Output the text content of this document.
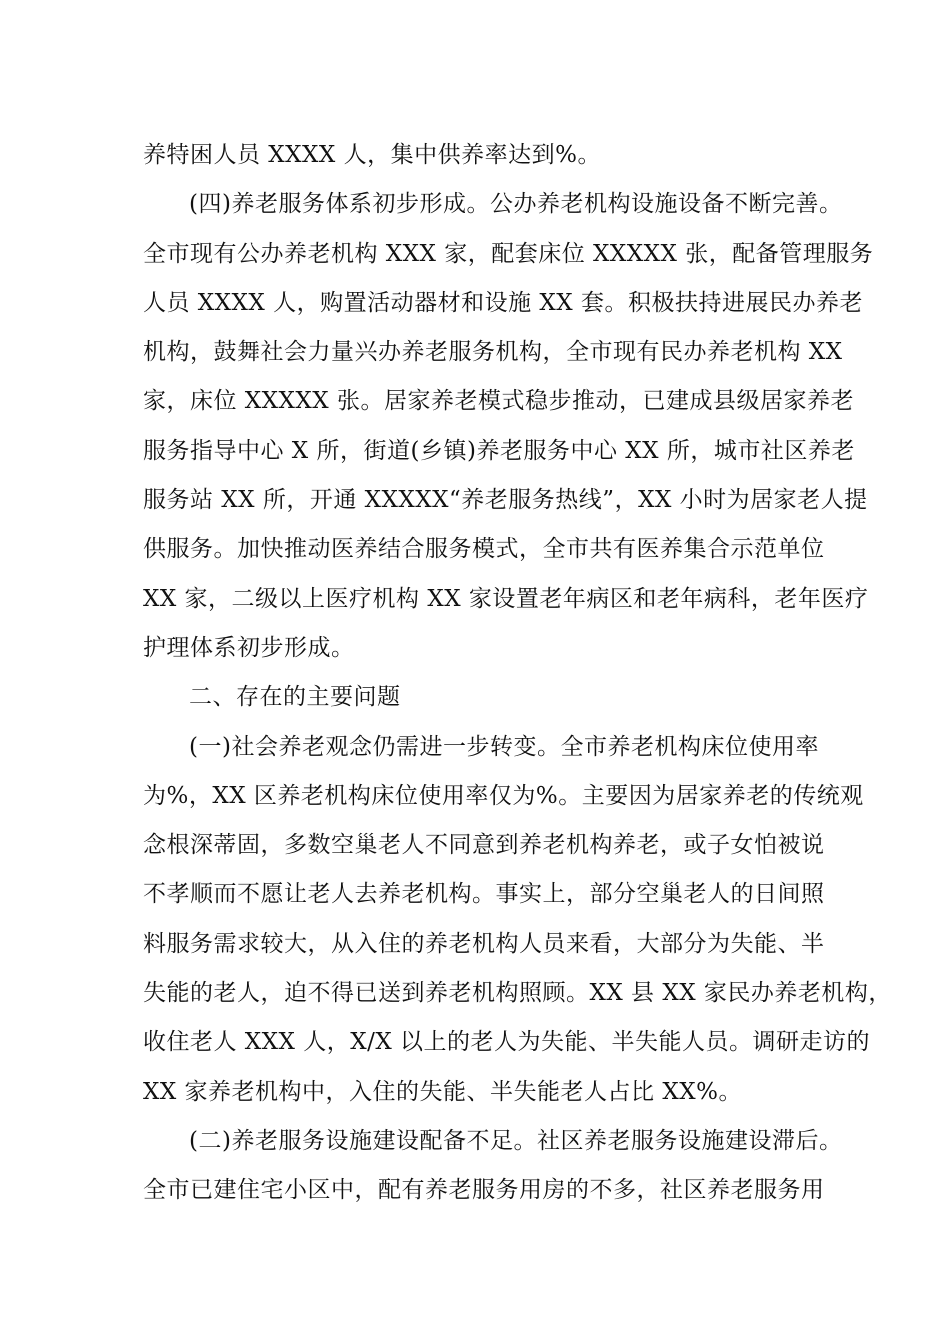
养特困人员 XXXX 人，集中供养率达到%。
(四)养老服务体系初步形成。公办养老机构设施设备不断完善。
全市现有公办养老机构 XXX 家，配套床位 XXXXX 张，配备管理服务
人员 XXXX 人，购置活动器材和设施 XX 套。积极扶持进展民办养老
机构，鼓舞社会力量兴办养老服务机构，全市现有民办养老机构 XX
家，床位 XXXXX 张。居家养老模式稳步推动，已建成县级居家养老
服务指导中心 X 所，街道(乡镇)养老服务中心 XX 所，城市社区养老
服务站 XX 所，开通 XXXXX“养老服务热线”，XX 小时为居家老人提
供服务。加快推动医养结合服务模式，全市共有医养集合示范单位
XX 家，二级以上医疗机构 XX 家设置老年病区和老年病科，老年医疗
护理体系初步形成。
二、存在的主要问题
(一)社会养老观念仍需进一步转变。全市养老机构床位使用率
为%，XX 区养老机构床位使用率仅为%。主要因为居家养老的传统观
念根深蒂固，多数空巢老人不同意到养老机构养老，或子女怕被说
不孝顺而不愿让老人去养老机构。事实上，部分空巢老人的日间照
料服务需求较大，从入住的养老机构人员来看，大部分为失能、半
失能的老人，迫不得已送到养老机构照顾。XX 县 XX 家民办养老机构，
收住老人 XXX 人，X/X 以上的老人为失能、半失能人员。调研走访的
XX 家养老机构中，入住的失能、半失能老人占比 XX%。
(二)养老服务设施建设配备不足。社区养老服务设施建设滞后。
全市已建住宅小区中，配有养老服务用房的不多，社区养老服务用
